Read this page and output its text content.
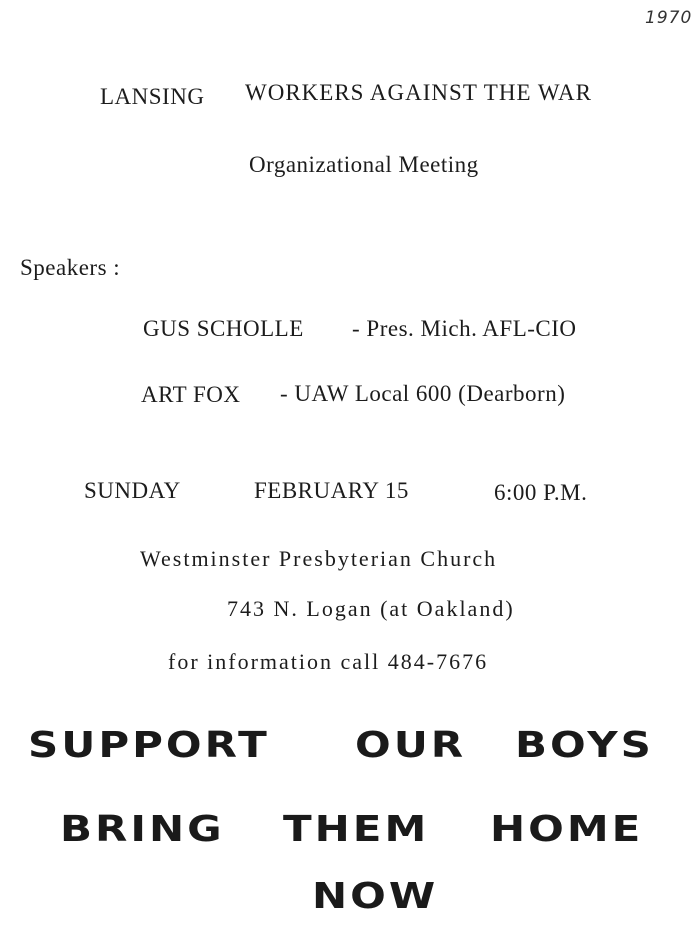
1970
LANSING WORKERS AGAINST THE WAR
Organizational Meeting
Speakers :
GUS SCHOLLE - Pres. Mich. AFL-CIO
ART FOX - UAW Local 600 (Dearborn)
SUNDAY	FEBRUARY 15	6:00 P.M.
Westminster Presbyterian Church
743 N. Logan (at Oakland)
for information call 484-7676
SUPPORT OUR BOYS
BRING THEM HOME
NOW
